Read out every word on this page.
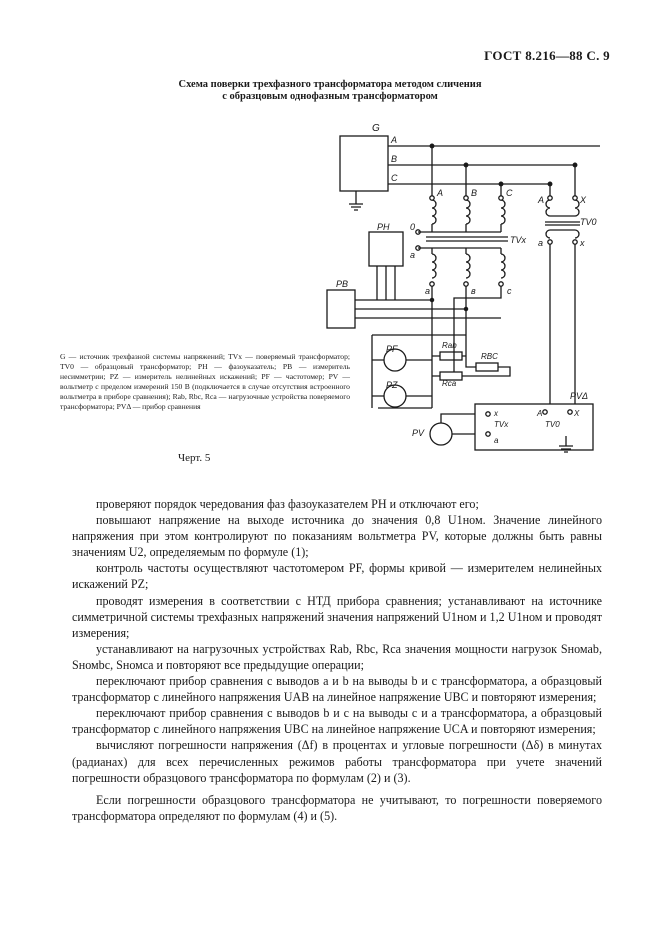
ГОСТ 8.216—88 С. 9
Схема поверки трехфазного трансформатора методом сличения
с образцовым однофазным трансформатором
G
A
B
C
A	B	C
0
TVx
a
a	в	c
PH
PB
PF
PZ
Rab
RBC
Rca
PV
PVΔ
x
TVx
a
A	X
TV0
A	X
TV0
a	x
G — источник трехфазной системы напряжений; TVх — поверяемый трансформатор; TV0 — образцовый трансформатор; PH — фазоуказатель; PB — измеритель несимметрии; PZ — измеритель нелинейных искажений; PF — частотомер; PV — вольтметр с пределом измерений 150 В (подключается в случае отсутствия встроенного вольтметра в приборе сравнения); Rab, Rbc, Rca — нагрузочные устройства поверяемого трансформатора; PVΔ — прибор сравнения
Черт. 5

проверяют порядок чередования фаз фазоуказателем PH и отключают его;

повышают напряжение на выходе источника до значения 0,8 U1ном. Значение линейного напряжения при этом контролируют по показаниям вольтметра PV, которые должны быть равны значениям U2, определяемым по формуле (1);

контроль частоты осуществляют частотомером PF, формы кривой — измерителем нелинейных искажений PZ;

проводят измерения в соответствии с НТД прибора сравнения; устанавливают на источнике симметричной системы трехфазных напряжений значения напряжений U1ном и 1,2 U1ном и проводят измерения;

устанавливают на нагрузочных устройствах Rab, Rbc, Rca значения мощности нагрузок Sномab, Sномbc, Sномca и повторяют все предыдущие операции;

переключают прибор сравнения с выводов a и b на выводы b и c трансформатора, а образцовый трансформатор с линейного напряжения UAB на линейное напряжение UBC и повторяют измерения;

переключают прибор сравнения с выводов b и c на выводы c и a трансформатора, а образцовый трансформатор с линейного напряжения UBC на линейное напряжение UCA и повторяют измерения;

вычисляют погрешности напряжения (Δf) в процентах и угловые погрешности (Δδ) в минутах (радианах) для всех перечисленных режимов работы трансформатора при учете значений погрешности образцового трансформатора по формулам (2) и (3).

Если погрешности образцового трансформатора не учитывают, то погрешности поверяемого трансформатора определяют по формулам (4) и (5).
